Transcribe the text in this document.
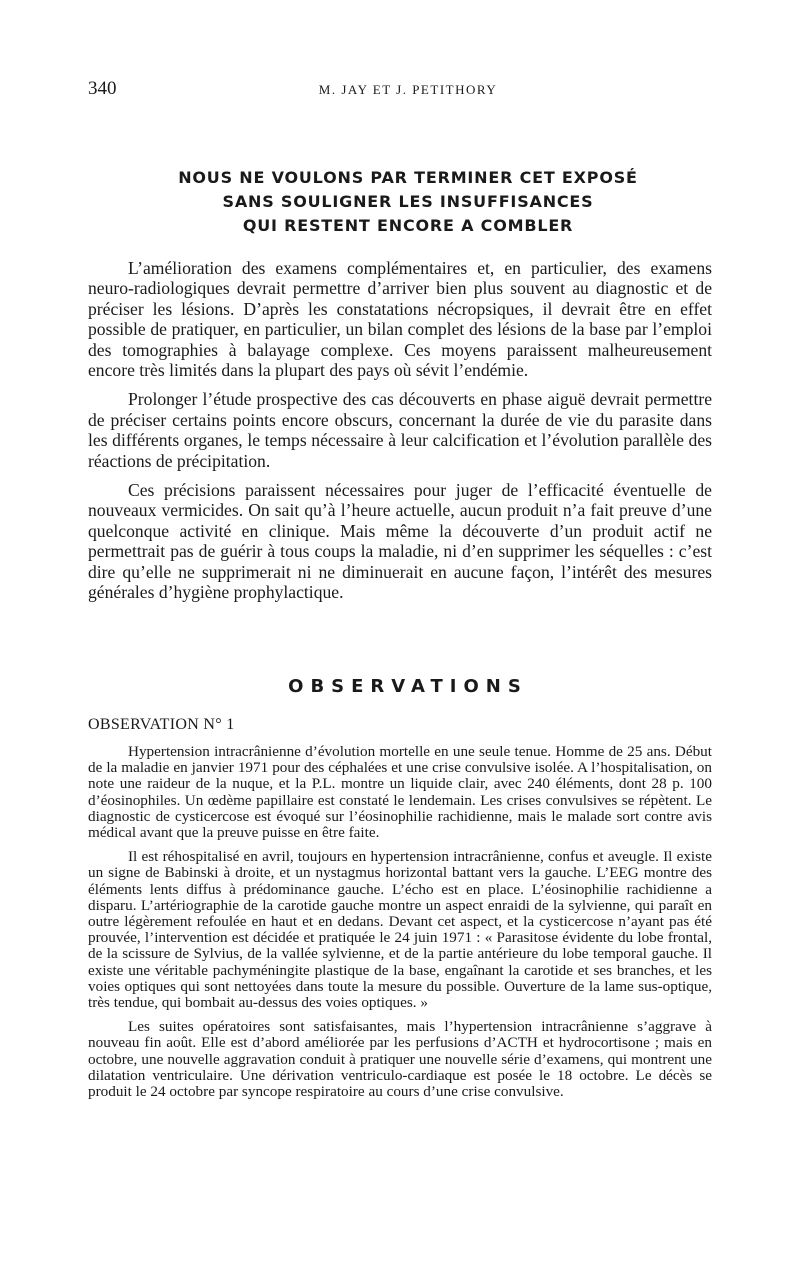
340	M. JAY ET J. PETITHORY
NOUS NE VOULONS PAR TERMINER CET EXPOSÉ
SANS SOULIGNER LES INSUFFISANCES
QUI RESTENT ENCORE A COMBLER

L’amélioration des examens complémentaires et, en particulier, des examens neuro-radiologiques devrait permettre d’arriver bien plus souvent au diagnostic et de préciser les lésions. D’après les constatations nécropsiques, il devrait être en effet possible de pratiquer, en particulier, un bilan complet des lésions de la base par l’emploi des tomographies à balayage complexe. Ces moyens paraissent malheureusement encore très limités dans la plupart des pays où sévit l’endémie.

Prolonger l’étude prospective des cas découverts en phase aiguë devrait permettre de préciser certains points encore obscurs, concernant la durée de vie du parasite dans les différents organes, le temps nécessaire à leur calcification et l’évolution parallèle des réactions de précipitation.

Ces précisions paraissent nécessaires pour juger de l’efficacité éventuelle de nouveaux vermicides. On sait qu’à l’heure actuelle, aucun produit n’a fait preuve d’une quelconque activité en clinique. Mais même la découverte d’un produit actif ne permettrait pas de guérir à tous coups la maladie, ni d’en supprimer les séquelles : c’est dire qu’elle ne supprimerait ni ne diminuerait en aucune façon, l’intérêt des mesures générales d’hygiène prophylactique.

OBSERVATIONS
OBSERVATION N° 1

Hypertension intracrânienne d’évolution mortelle en une seule tenue. Homme de 25 ans. Début de la maladie en janvier 1971 pour des céphalées et une crise convulsive isolée. A l’hospitalisation, on note une raideur de la nuque, et la P.L. montre un liquide clair, avec 240 éléments, dont 28 p. 100 d’éosinophiles. Un œdème papillaire est constaté le lendemain. Les crises convulsives se répètent. Le diagnostic de cysticercose est évoqué sur l’éosinophilie rachidienne, mais le malade sort contre avis médical avant que la preuve puisse en être faite.

Il est réhospitalisé en avril, toujours en hypertension intracrânienne, confus et aveugle. Il existe un signe de Babinski à droite, et un nystagmus horizontal battant vers la gauche. L’EEG montre des éléments lents diffus à prédominance gauche. L’écho est en place. L’éosinophilie rachidienne a disparu. L’artériographie de la carotide gauche montre un aspect enraidi de la sylvienne, qui paraît en outre légèrement refoulée en haut et en dedans. Devant cet aspect, et la cysticercose n’ayant pas été prouvée, l’intervention est décidée et pratiquée le 24 juin 1971 : « Parasitose évidente du lobe frontal, de la scissure de Sylvius, de la vallée sylvienne, et de la partie antérieure du lobe temporal gauche. Il existe une véritable pachyméningite plastique de la base, engaînant la carotide et ses branches, et les voies optiques qui sont nettoyées dans toute la mesure du possible. Ouverture de la lame sus-optique, très tendue, qui bombait au-dessus des voies optiques. »

Les suites opératoires sont satisfaisantes, mais l’hypertension intracrânienne s’aggrave à nouveau fin août. Elle est d’abord améliorée par les perfusions d’ACTH et hydrocortisone ; mais en octobre, une nouvelle aggravation conduit à pratiquer une nouvelle série d’examens, qui montrent une dilatation ventriculaire. Une dérivation ventriculo-cardiaque est posée le 18 octobre. Le décès se produit le 24 octobre par syncope respiratoire au cours d’une crise convulsive.
